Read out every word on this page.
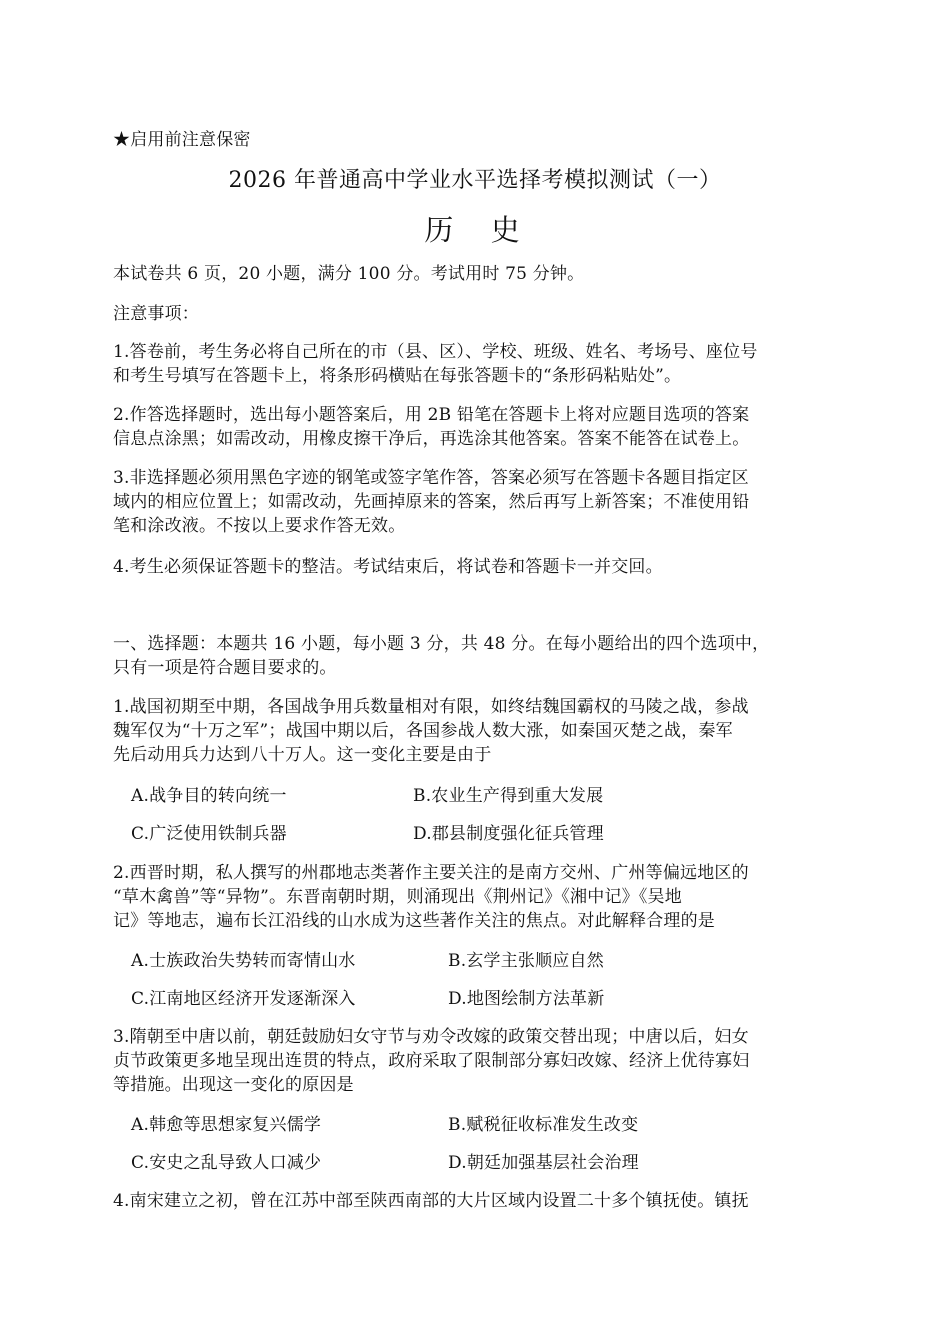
★启用前注意保密
2026 年普通高中学业水平选择考模拟测试（一）
历 史
本试卷共 6 页，20 小题，满分 100 分。考试用时 75 分钟。
注意事项：
1.答卷前，考生务必将自己所在的市（县、区）、学校、班级、姓名、考场号、座位号
和考生号填写在答题卡上，将条形码横贴在每张答题卡的“条形码粘贴处”。
2.作答选择题时，选出每小题答案后，用 2B 铅笔在答题卡上将对应题目选项的答案
信息点涂黑；如需改动，用橡皮擦干净后，再选涂其他答案。答案不能答在试卷上。
3.非选择题必须用黑色字迹的钢笔或签字笔作答，答案必须写在答题卡各题目指定区
域内的相应位置上；如需改动，先画掉原来的答案，然后再写上新答案；不准使用铅
笔和涂改液。不按以上要求作答无效。
4.考生必须保证答题卡的整洁。考试结束后，将试卷和答题卡一并交回。
一、选择题：本题共 16 小题，每小题 3 分，共 48 分。在每小题给出的四个选项中，
只有一项是符合题目要求的。
1.战国初期至中期，各国战争用兵数量相对有限，如终结魏国霸权的马陵之战，参战
魏军仅为“十万之军”；战国中期以后，各国参战人数大涨，如秦国灭楚之战，秦军
先后动用兵力达到八十万人。这一变化主要是由于
A.战争目的转向统一	B.农业生产得到重大发展
C.广泛使用铁制兵器	D.郡县制度强化征兵管理
2.西晋时期，私人撰写的州郡地志类著作主要关注的是南方交州、广州等偏远地区的
“草木禽兽”等“异物”。东晋南朝时期，则涌现出《荆州记》《湘中记》《吴地
记》等地志，遍布长江沿线的山水成为这些著作关注的焦点。对此解释合理的是
A.士族政治失势转而寄情山水	B.玄学主张顺应自然
C.江南地区经济开发逐渐深入	D.地图绘制方法革新
3.隋朝至中唐以前，朝廷鼓励妇女守节与劝令改嫁的政策交替出现；中唐以后，妇女
贞节政策更多地呈现出连贯的特点，政府采取了限制部分寡妇改嫁、经济上优待寡妇
等措施。出现这一变化的原因是
A.韩愈等思想家复兴儒学	B.赋税征收标准发生改变
C.安史之乱导致人口减少	D.朝廷加强基层社会治理
4.南宋建立之初，曾在江苏中部至陕西南部的大片区域内设置二十多个镇抚使。镇抚
